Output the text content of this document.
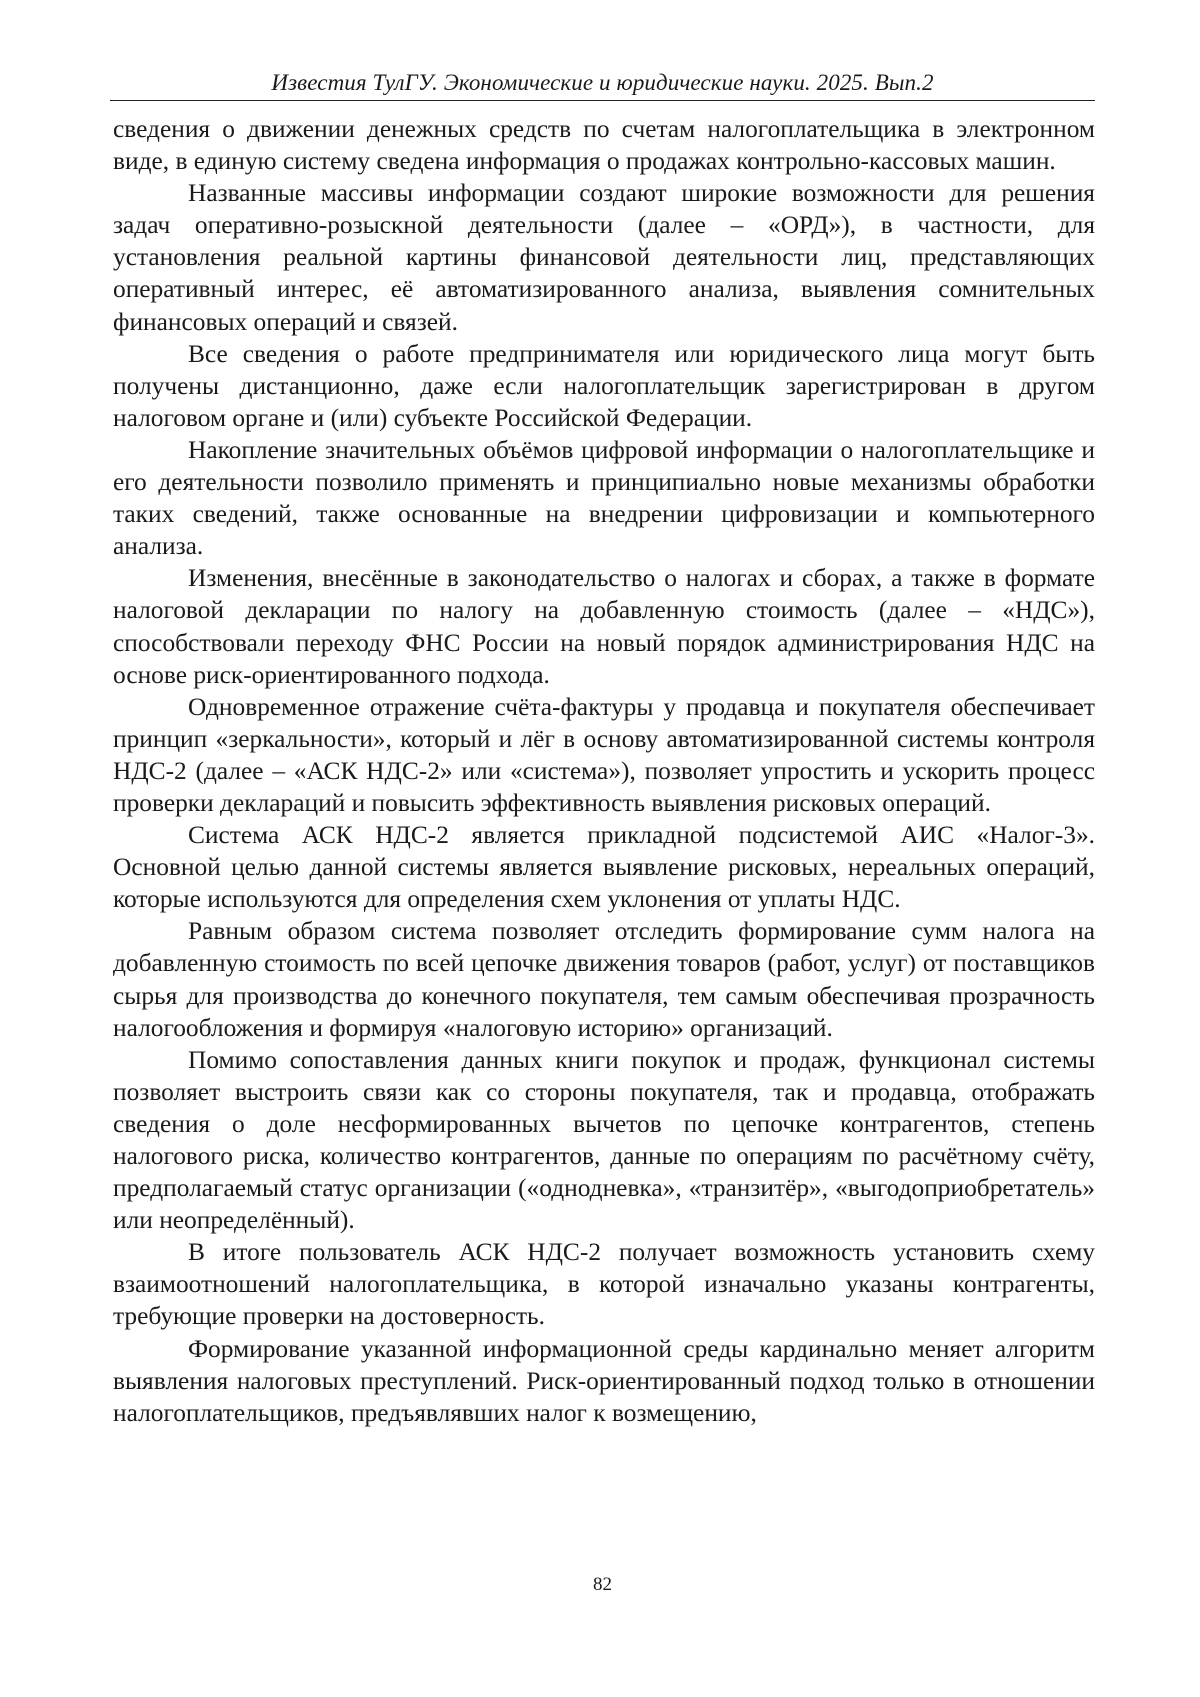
Известия ТулГУ. Экономические и юридические науки. 2025. Вып.2

сведения о движении денежных средств по счетам налогоплательщика в электронном виде, в единую систему сведена информация о продажах контрольно-кассовых машин.

Названные массивы информации создают широкие возможности для решения задач оперативно-розыскной деятельности (далее – «ОРД»), в частности, для установления реальной картины финансовой деятельности лиц, представляющих оперативный интерес, её автоматизированного анализа, выявления сомнительных финансовых операций и связей.

Все сведения о работе предпринимателя или юридического лица могут быть получены дистанционно, даже если налогоплательщик зарегистрирован в другом налоговом органе и (или) субъекте Российской Федерации.

Накопление значительных объёмов цифровой информации о налогоплательщике и его деятельности позволило применять и принципиально новые механизмы обработки таких сведений, также основанные на внедрении цифровизации и компьютерного анализа.

Изменения, внесённые в законодательство о налогах и сборах, а также в формате налоговой декларации по налогу на добавленную стоимость (далее – «НДС»), способствовали переходу ФНС России на новый порядок администрирования НДС на основе риск-ориентированного подхода.

Одновременное отражение счёта-фактуры у продавца и покупателя обеспечивает принцип «зеркальности», который и лёг в основу автоматизированной системы контроля НДС-2 (далее – «АСК НДС-2» или «система»), позволяет упростить и ускорить процесс проверки деклараций и повысить эффективность выявления рисковых операций.

Система АСК НДС-2 является прикладной подсистемой АИС «Налог-3». Основной целью данной системы является выявление рисковых, нереальных операций, которые используются для определения схем уклонения от уплаты НДС.

Равным образом система позволяет отследить формирование сумм налога на добавленную стоимость по всей цепочке движения товаров (работ, услуг) от поставщиков сырья для производства до конечного покупателя, тем самым обеспечивая прозрачность налогообложения и формируя «налоговую историю» организаций.

Помимо сопоставления данных книги покупок и продаж, функционал системы позволяет выстроить связи как со стороны покупателя, так и продавца, отображать сведения о доле несформированных вычетов по цепочке контрагентов, степень налогового риска, количество контрагентов, данные по операциям по расчётному счёту, предполагаемый статус организации («однодневка», «транзитёр», «выгодоприобретатель» или неопределённый).

В итоге пользователь АСК НДС-2 получает возможность установить схему взаимоотношений налогоплательщика, в которой изначально указаны контрагенты, требующие проверки на достоверность.

Формирование указанной информационной среды кардинально меняет алгоритм выявления налоговых преступлений. Риск-ориентированный подход только в отношении налогоплательщиков, предъявлявших налог к возмещению,

82
